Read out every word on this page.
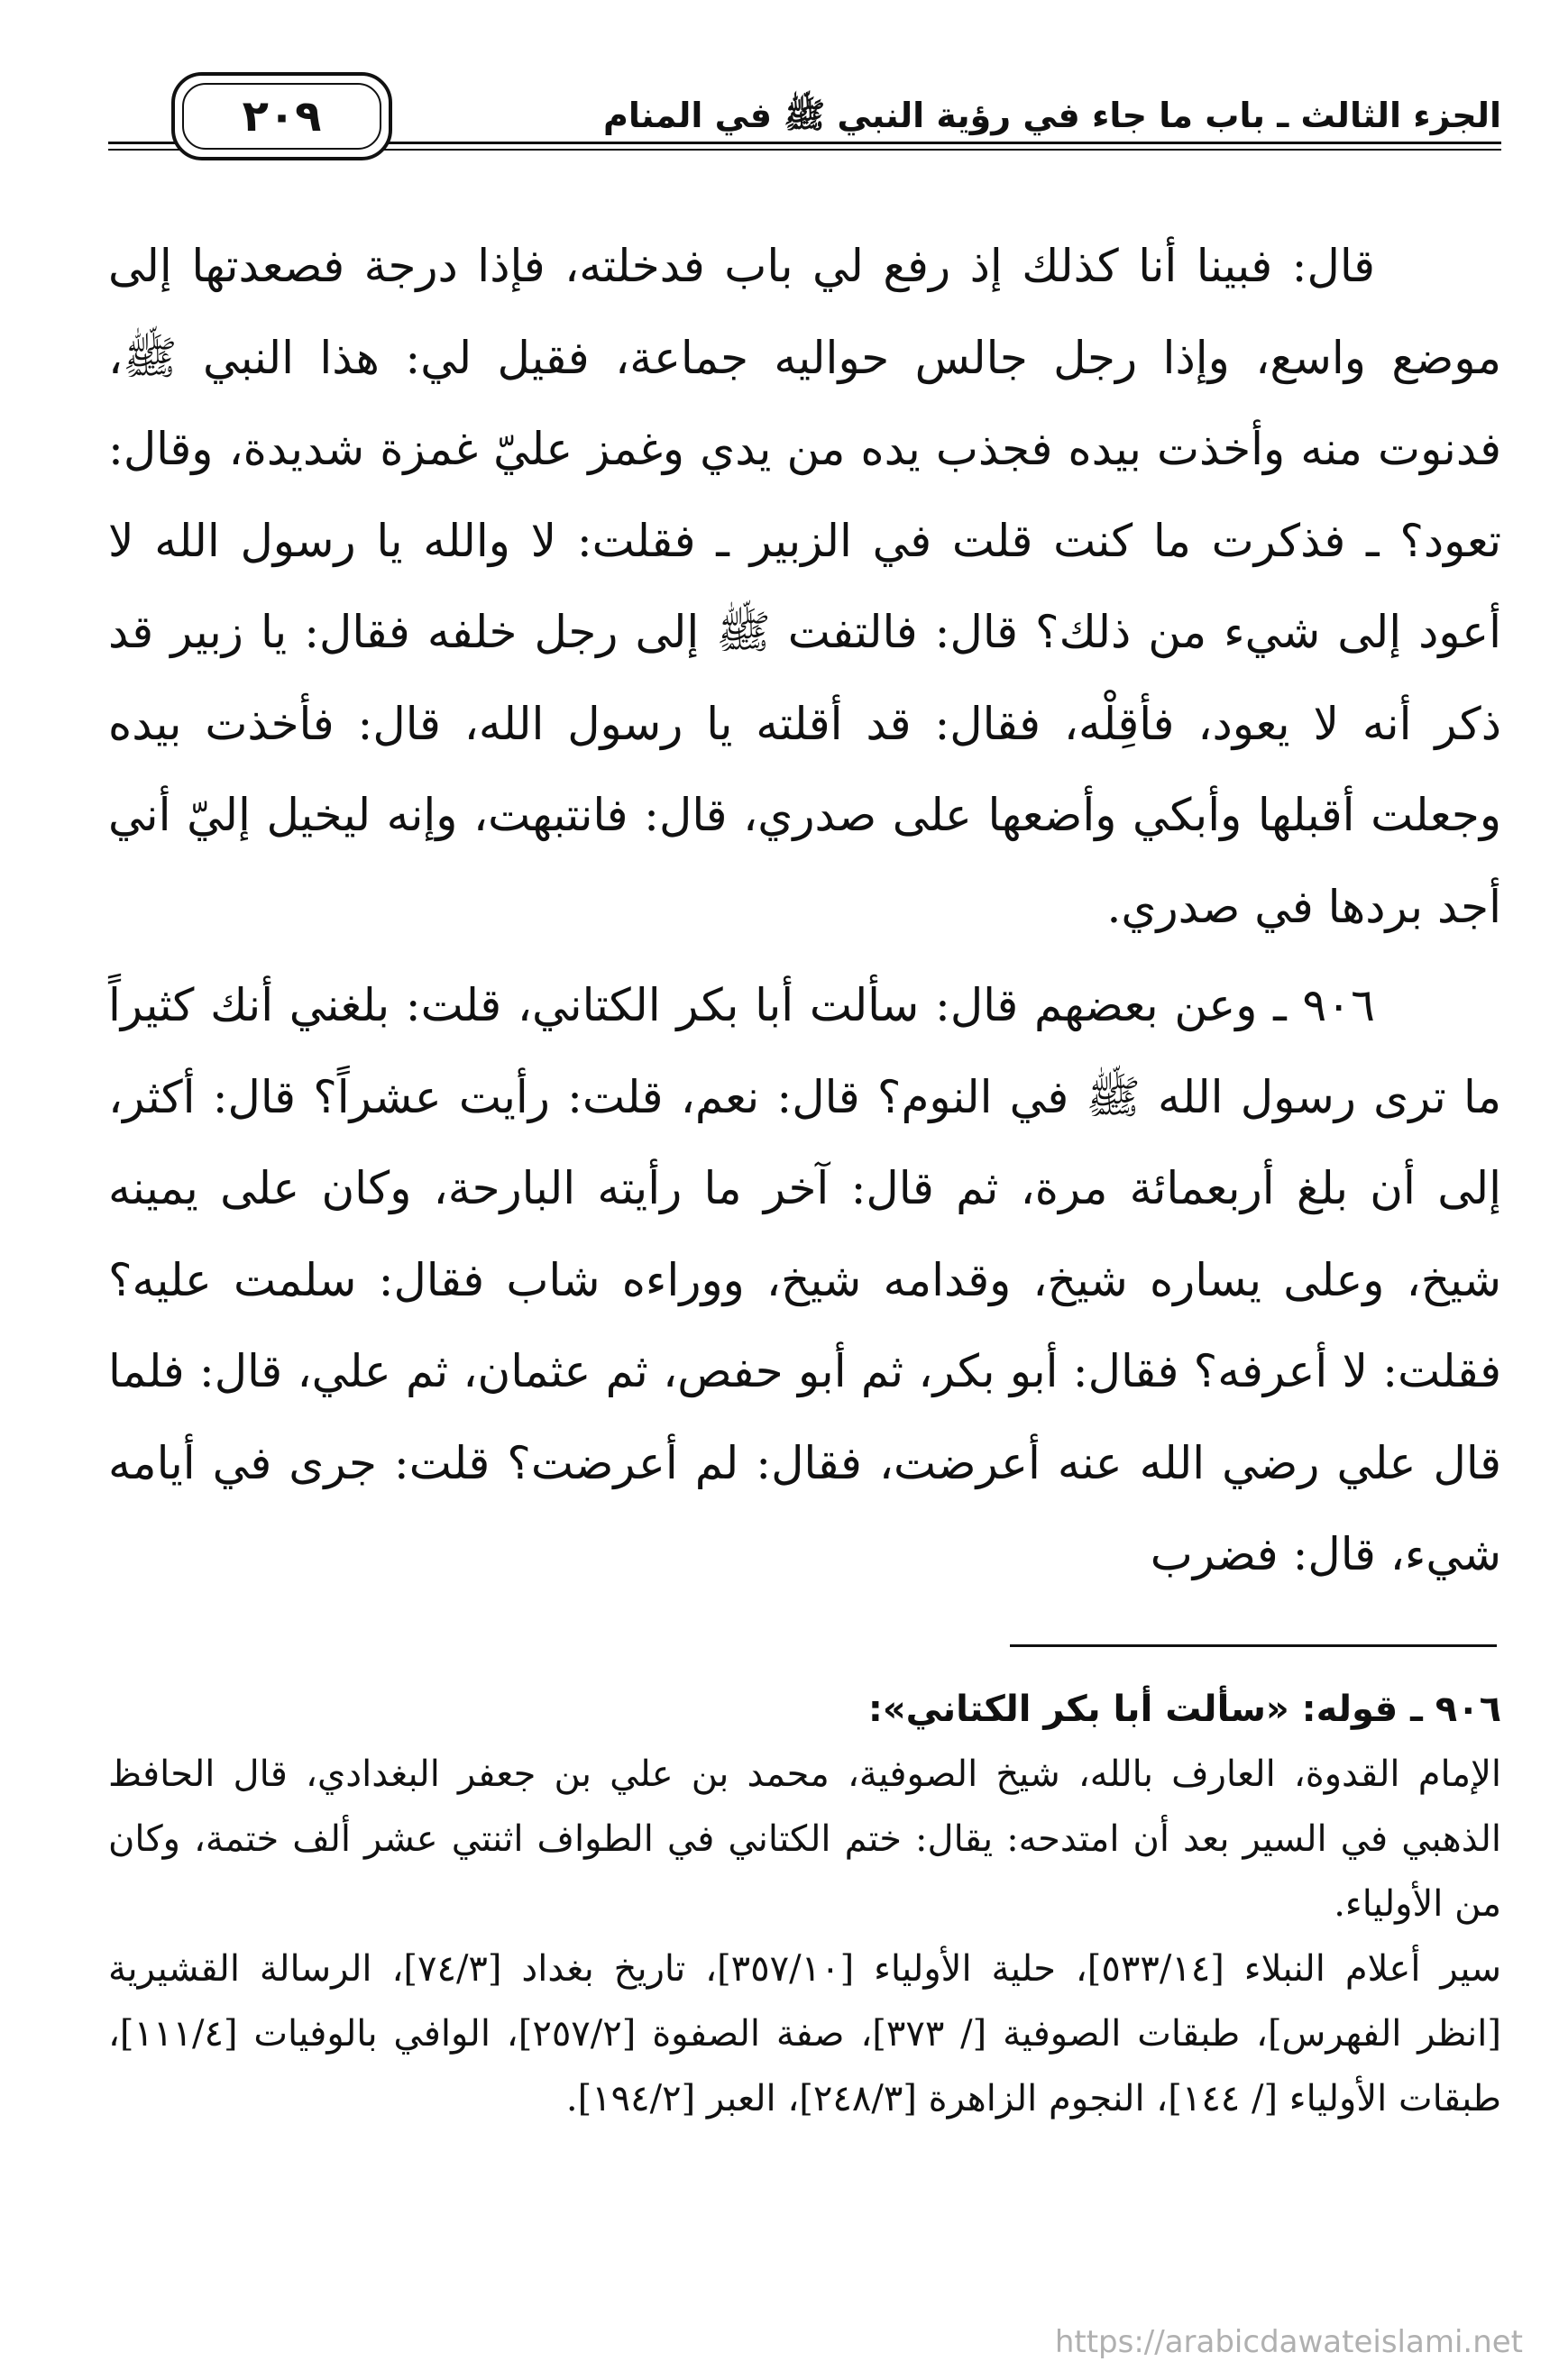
الجزء الثالث ـ باب ما جاء في رؤية النبي ﷺ في المنام
٢٠٩

قال: فبينا أنا كذلك إذ رفع لي باب فدخلته، فإذا درجة فصعدتها إلى موضع واسع، وإذا رجل جالس حواليه جماعة، فقيل لي: هذا النبي ﷺ، فدنوت منه وأخذت بيده فجذب يده من يدي وغمز عليّ غمزة شديدة، وقال: تعود؟ ـ فذكرت ما كنت قلت في الزبير ـ فقلت: لا والله يا رسول الله لا أعود إلى شيء من ذلك؟ قال: فالتفت ﷺ إلى رجل خلفه فقال: يا زبير قد ذكر أنه لا يعود، فأقِلْه، فقال: قد أقلته يا رسول الله، قال: فأخذت بيده وجعلت أقبلها وأبكي وأضعها على صدري، قال: فانتبهت، وإنه ليخيل إليّ أني أجد بردها في صدري.

٩٠٦ ـ وعن بعضهم قال: سألت أبا بكر الكتاني، قلت: بلغني أنك كثيراً ما ترى رسول الله ﷺ في النوم؟ قال: نعم، قلت: رأيت عشراً؟ قال: أكثر، إلى أن بلغ أربعمائة مرة، ثم قال: آخر ما رأيته البارحة، وكان على يمينه شيخ، وعلى يساره شيخ، وقدامه شيخ، ووراءه شاب فقال: سلمت عليه؟ فقلت: لا أعرفه؟ فقال: أبو بكر، ثم أبو حفص، ثم عثمان، ثم علي، قال: فلما قال علي رضي الله عنه أعرضت، فقال: لم أعرضت؟ قلت: جرى في أيامه شيء، قال: فضرب

٩٠٦ ـ قوله: «سألت أبا بكر الكتاني»:

الإمام القدوة، العارف بالله، شيخ الصوفية، محمد بن علي بن جعفر البغدادي، قال الحافظ الذهبي في السير بعد أن امتدحه: يقال: ختم الكتاني في الطواف اثنتي عشر ألف ختمة، وكان من الأولياء.

سير أعلام النبلاء [٥٣٣/١٤]، حلية الأولياء [٣٥٧/١٠]، تاريخ بغداد [٧٤/٣]، الرسالة القشيرية [انظر الفهرس]، طبقات الصوفية [/ ٣٧٣]، صفة الصفوة [٢٥٧/٢]، الوافي بالوفيات [١١١/٤]، طبقات الأولياء [/ ١٤٤]، النجوم الزاهرة [٢٤٨/٣]، العبر [١٩٤/٢].

https://arabicdawateislami.net
